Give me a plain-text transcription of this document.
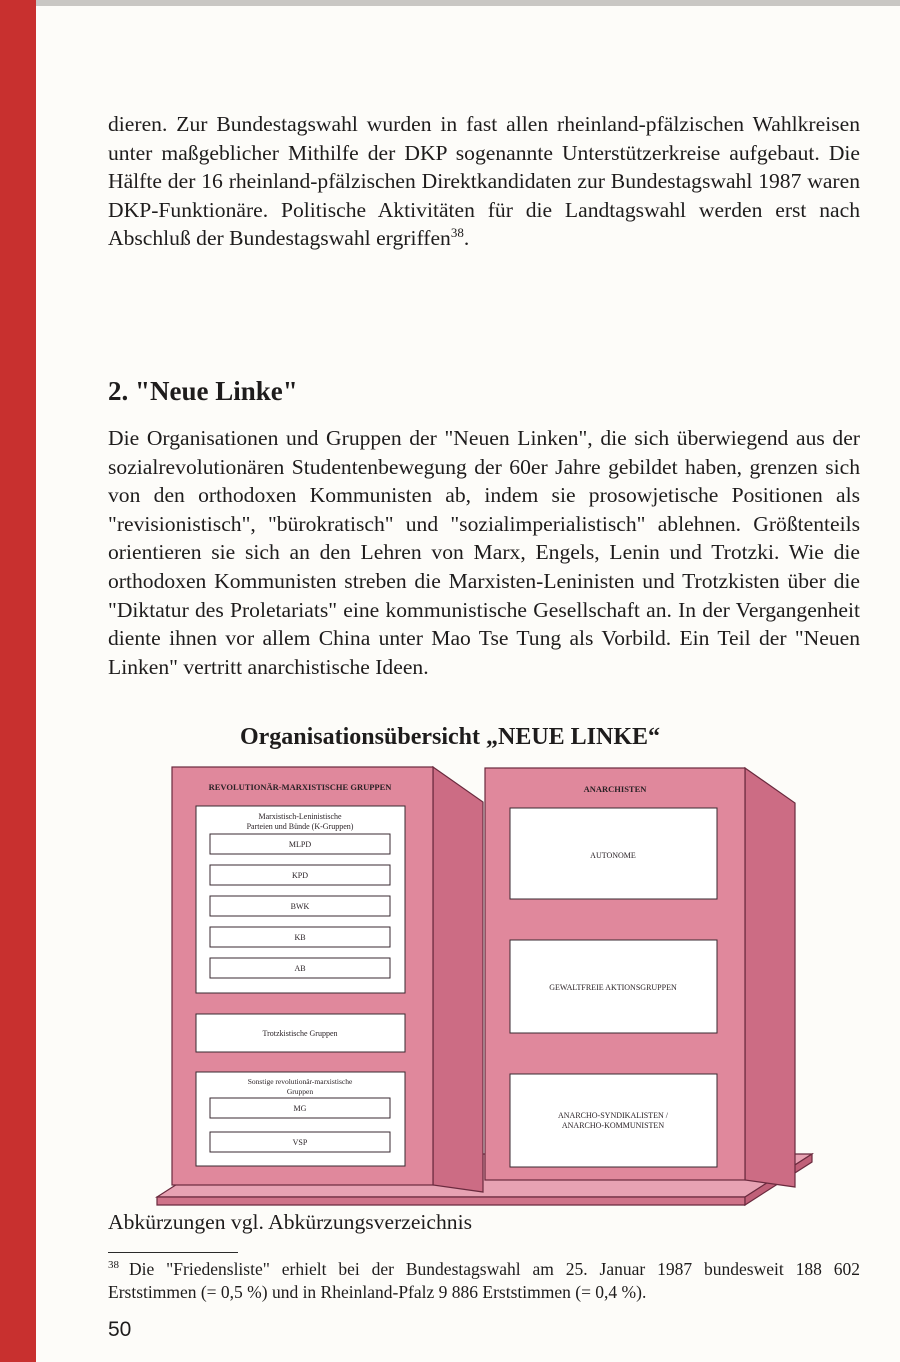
dieren. Zur Bundestagswahl wurden in fast allen rheinland-pfälzischen Wahlkreisen unter maßgeblicher Mithilfe der DKP sogenannte Unterstützerkreise aufgebaut. Die Hälfte der 16 rheinland-pfälzischen Direktkandidaten zur Bundestagswahl 1987 waren DKP-Funktionäre. Politische Aktivitäten für die Landtagswahl werden erst nach Abschluß der Bundestagswahl ergriffen$^{38}$.

2. "Neue Linke"

Die Organisationen und Gruppen der "Neuen Linken", die sich überwiegend aus der sozialrevolutionären Studentenbewegung der 60er Jahre gebildet haben, grenzen sich von den orthodoxen Kommunisten ab, indem sie prosowjetische Positionen als "revisionistisch", "bürokratisch" und "sozialimperialistisch" ablehnen. Größtenteils orientieren sie sich an den Lehren von Marx, Engels, Lenin und Trotzki. Wie die orthodoxen Kommunisten streben die Marxisten-Leninisten und Trotzkisten über die "Diktatur des Proletariats" eine kommunistische Gesellschaft an. In der Vergangenheit diente ihnen vor allem China unter Mao Tse Tung als Vorbild. Ein Teil der "Neuen Linken" vertritt anarchistische Ideen.

Organisationsübersicht „NEUE LINKE“
REVOLUTIONÄR-MARXISTISCHE GRUPPEN
Marxistisch-Leninistische
Parteien und Bünde (K-Gruppen)
MLPD
KPD
BWK
KB
AB
Trotzkistische Gruppen
Sonstige revolutionär-marxistische
Gruppen
MG
VSP
ANARCHISTEN
AUTONOME
GEWALTFREIE AKTIONSGRUPPEN
ANARCHO-SYNDIKALISTEN /
ANARCHO-KOMMUNISTEN

Abkürzungen vgl. Abkürzungsverzeichnis

$^{38}$ Die "Friedensliste" erhielt bei der Bundestagswahl am 25. Januar 1987 bundesweit 188 602 Erststimmen (= 0,5 %) und in Rheinland-Pfalz 9 886 Erststimmen (= 0,4 %).

50
